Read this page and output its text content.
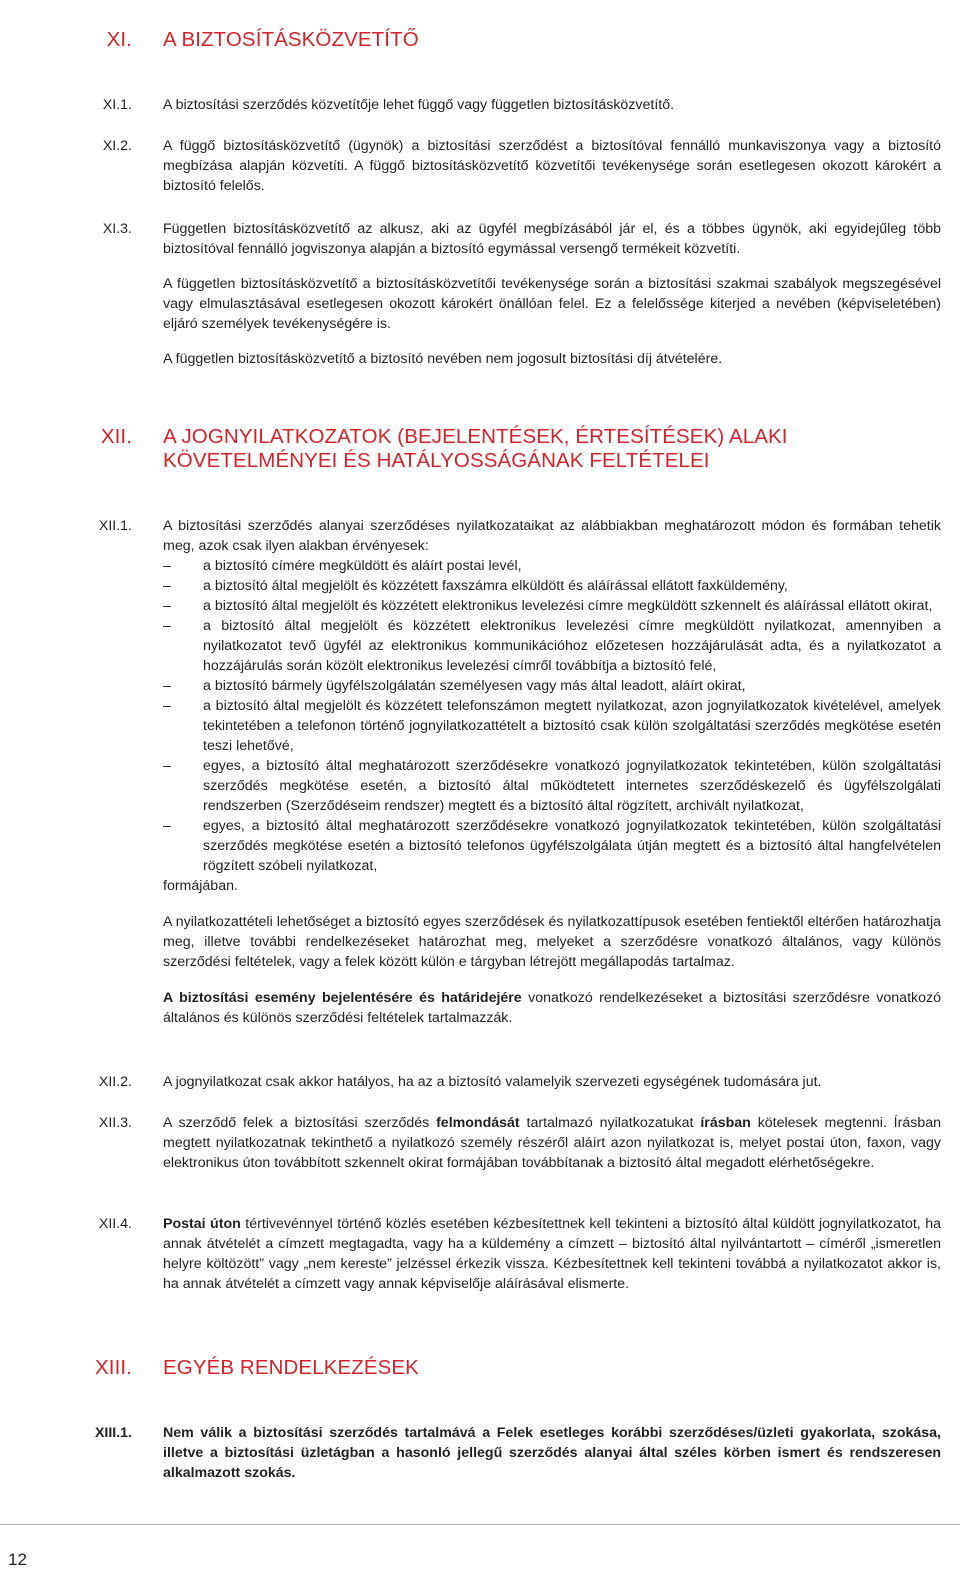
XI. A BIZTOSÍTÁSKÖZVETÍTŐ
XI.1. A biztosítási szerződés közvetítője lehet függő vagy független biztosításközvetítő.

XI.2. A függő biztosításközvetítő (ügynök) a biztosítási szerződést a biztosítóval fennálló munkaviszonya vagy a biztosító megbízása alapján közvetíti. A függő biztosításközvetítő közvetítői tevékenysége során esetlegesen okozott károkért a biztosító felelős.

XI.3. Független biztosításközvetítő az alkusz, aki az ügyfél megbízásából jár el, és a többes ügynök, aki egyidejűleg több biztosítóval fennálló jogviszonya alapján a biztosító egymással versengő termékeit közvetíti.

A független biztosításközvetítő a biztosításközvetítői tevékenysége során a biztosítási szakmai szabályok megszegésével vagy elmulasztásával esetlegesen okozott károkért önállóan felel. Ez a felelőssége kiterjed a nevében (képviseletében) eljáró személyek tevékenységére is.

A független biztosításközvetítő a biztosító nevében nem jogosult biztosítási díj átvételére.

XII. A JOGNYILATKOZATOK (BEJELENTÉSEK, ÉRTESÍTÉSEK) ALAKI
KÖVETELMÉNYEI ÉS HATÁLYOSSÁGÁNAK FELTÉTELEI
XII.1. A biztosítási szerződés alanyai szerződéses nyilatkozataikat az alábbiakban meghatározott módon és formában tehetik meg, azok csak ilyen alakban érvényesek:

– a biztosító címére megküldött és aláírt postai levél,

– a biztosító által megjelölt és közzétett faxszámra elküldött és aláírással ellátott faxküldemény,

– a biztosító által megjelölt és közzétett elektronikus levelezési címre megküldött szkennelt és aláírással ellátott okirat,

– a biztosító által megjelölt és közzétett elektronikus levelezési címre megküldött nyilatkozat, amennyiben a nyilatkozatot tevő ügyfél az elektronikus kommunikációhoz előzetesen hozzájárulását adta, és a nyilatkozatot a hozzájárulás során közölt elektronikus levelezési címről továbbítja a biztosító felé,

– a biztosító bármely ügyfélszolgálatán személyesen vagy más által leadott, aláírt okirat,

– a biztosító által megjelölt és közzétett telefonszámon megtett nyilatkozat, azon jognyilatkozatok kivételével, amelyek tekintetében a telefonon történő jognyilatkozattételt a biztosító csak külön szolgáltatási szerződés megkötése esetén teszi lehetővé,

– egyes, a biztosító által meghatározott szerződésekre vonatkozó jognyilatkozatok tekintetében, külön szolgáltatási szerződés megkötése esetén, a biztosító által működtetett internetes szerződéskezelő és ügyfélszolgálati rendszerben (Szerződéseim rendszer) megtett és a biztosító által rögzített, archivált nyilatkozat,

– egyes, a biztosító által meghatározott szerződésekre vonatkozó jognyilatkozatok tekintetében, külön szolgáltatási szerződés megkötése esetén a biztosító telefonos ügyfélszolgálata útján megtett és a biztosító által hangfelvételen rögzített szóbeli nyilatkozat,

formájában.

A nyilatkozattételi lehetőséget a biztosító egyes szerződések és nyilatkozattípusok esetében fentiektől eltérően határozhatja meg, illetve további rendelkezéseket határozhat meg, melyeket a szerződésre vonatkozó általános, vagy különös szerződési feltételek, vagy a felek között külön e tárgyban létrejött megállapodás tartalmaz.

A biztosítási esemény bejelentésére és határidejére vonatkozó rendelkezéseket a biztosítási szerződésre vonatkozó általános és különös szerződési feltételek tartalmazzák.

XII.2. A jognyilatkozat csak akkor hatályos, ha az a biztosító valamelyik szervezeti egységének tudomására jut.

XII.3. A szerződő felek a biztosítási szerződés felmondását tartalmazó nyilatkozatukat írásban kötelesek megtenni. Írásban megtett nyilatkozatnak tekinthető a nyilatkozó személy részéről aláírt azon nyilatkozat is, melyet postai úton, faxon, vagy elektronikus úton továbbított szkennelt okirat formájában továbbítanak a biztosító által megadott elérhetőségekre.

XII.4. Postai úton tértivevénnyel történő közlés esetében kézbesítettnek kell tekinteni a biztosító által küldött jognyilatkozatot, ha annak átvételét a címzett megtagadta, vagy ha a küldemény a címzett – biztosító által nyilvántartott – címéről „ismeretlen helyre költözött” vagy „nem kereste” jelzéssel érkezik vissza. Kézbesítettnek kell tekinteni továbbá a nyilatkozatot akkor is, ha annak átvételét a címzett vagy annak képviselője aláírásával elismerte.

XIII. EGYÉB RENDELKEZÉSEK
XIII.1. Nem válik a biztosítási szerződés tartalmává a Felek esetleges korábbi szerződéses/üzleti gyakorlata, szokása, illetve a biztosítási üzletágban a hasonló jellegű szerződés alanyai által széles körben ismert és rendszeresen alkalmazott szokás.

12
